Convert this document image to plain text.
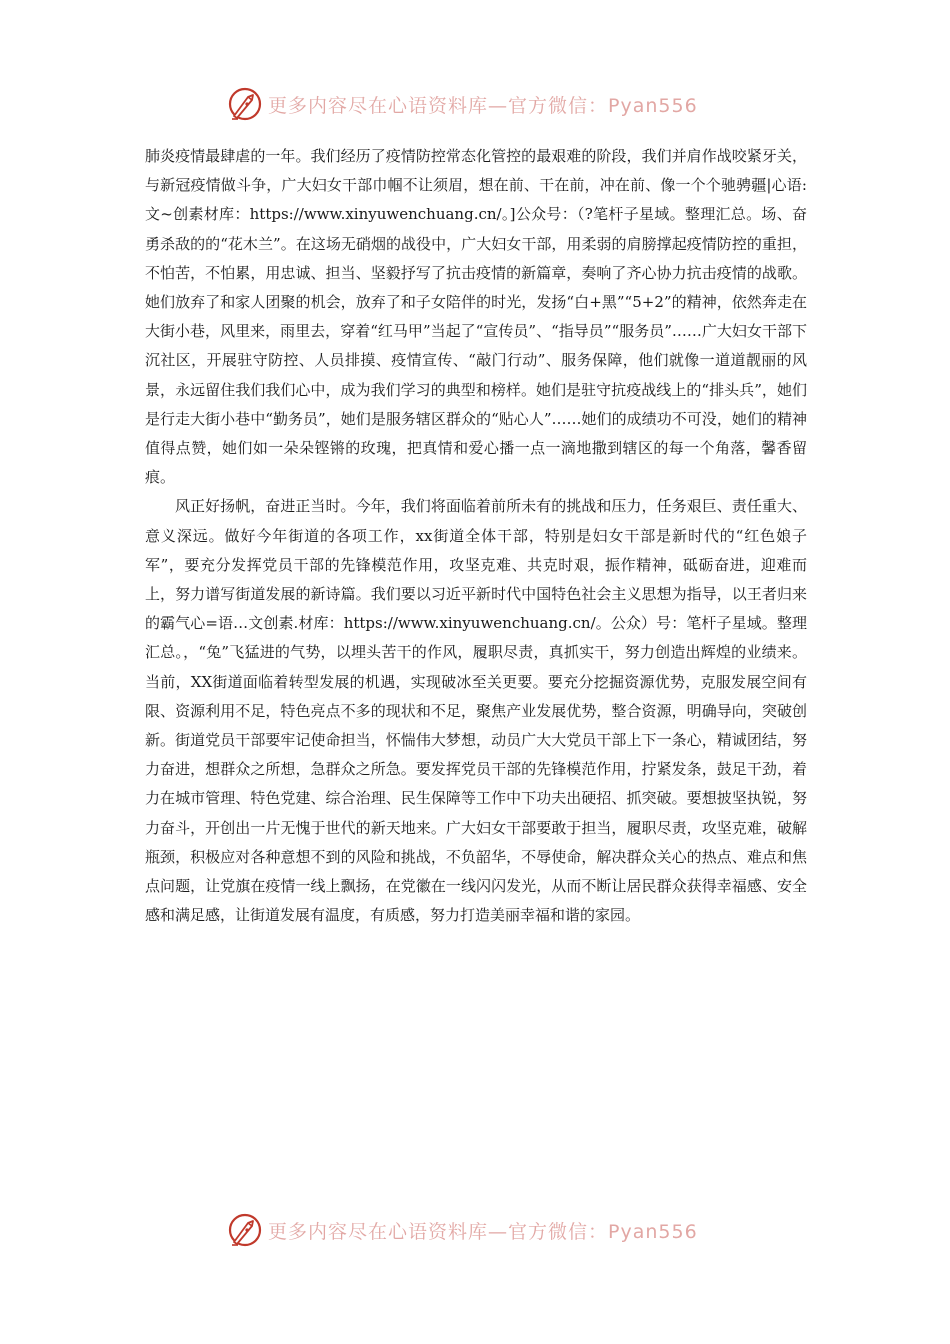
更多内容尽在心语资料库—官方微信：Pyan556

肺炎疫情最肆虐的一年。我们经历了疫情防控常态化管控的最艰难的阶段，我们并肩作战咬紧牙关，与新冠疫情做斗争，广大妇女干部巾帼不让须眉，想在前、干在前，冲在前、像一个个驰骋疆|心语:文~创素材库：https://www.xinyuwenchuang.cn/。]公众号：（?笔杆子星域。整理汇总。场、奋勇杀敌的的“花木兰”。在这场无硝烟的战役中，广大妇女干部，用柔弱的肩膀撑起疫情防控的重担，不怕苦，不怕累，用忠诚、担当、坚毅抒写了抗击疫情的新篇章，奏响了齐心协力抗击疫情的战歌。她们放弃了和家人团聚的机会，放弃了和子女陪伴的时光，发扬“白+黑”“5+2”的精神，依然奔走在大街小巷，风里来，雨里去，穿着“红马甲”当起了“宣传员”、“指导员”“服务员”……广大妇女干部下沉社区，开展驻守防控、人员排摸、疫情宣传、“敲门行动”、服务保障，他们就像一道道靓丽的风景，永远留住我们我们心中，成为我们学习的典型和榜样。她们是驻守抗疫战线上的“排头兵”，她们是行走大街小巷中“勤务员”，她们是服务辖区群众的“贴心人”……她们的成绩功不可没，她们的精神值得点赞，她们如一朵朵铿锵的玫瑰，把真情和爱心播一点一滴地撒到辖区的每一个角落，馨香留痕。

风正好扬帆，奋进正当时。今年，我们将面临着前所未有的挑战和压力，任务艰巨、责任重大、意义深远。做好今年街道的各项工作，xx街道全体干部，特别是妇女干部是新时代的“红色娘子军”，要充分发挥党员干部的先锋模范作用，攻坚克难、共克时艰，振作精神，砥砺奋进，迎难而上，努力谱写街道发展的新诗篇。我们要以习近平新时代中国特色社会主义思想为指导，以王者归来的霸气心=语…文创素.材库：https://www.xinyuwenchuang.cn/。公众）号：笔杆子星域。整理汇总。，“兔”飞猛进的气势，以埋头苦干的作风，履职尽责，真抓实干，努力创造出辉煌的业绩来。当前，XX街道面临着转型发展的机遇，实现破冰至关更要。要充分挖掘资源优势，克服发展空间有限、资源利用不足，特色亮点不多的现状和不足，聚焦产业发展优势，整合资源，明确导向，突破创新。街道党员干部要牢记使命担当，怀惴伟大梦想，动员广大大党员干部上下一条心，精诚团结，努力奋进，想群众之所想，急群众之所急。要发挥党员干部的先锋模范作用，拧紧发条，鼓足干劲，着力在城市管理、特色党建、综合治理、民生保障等工作中下功夫出硬招、抓突破。要想披坚执锐，努力奋斗，开创出一片无愧于世代的新天地来。广大妇女干部要敢于担当，履职尽责，攻坚克难，破解瓶颈，积极应对各种意想不到的风险和挑战，不负韶华，不辱使命，解决群众关心的热点、难点和焦点问题，让党旗在疫情一线上飘扬，在党徽在一线闪闪发光，从而不断让居民群众获得幸福感、安全感和满足感，让街道发展有温度，有质感，努力打造美丽幸福和谐的家园。

更多内容尽在心语资料库—官方微信：Pyan556
